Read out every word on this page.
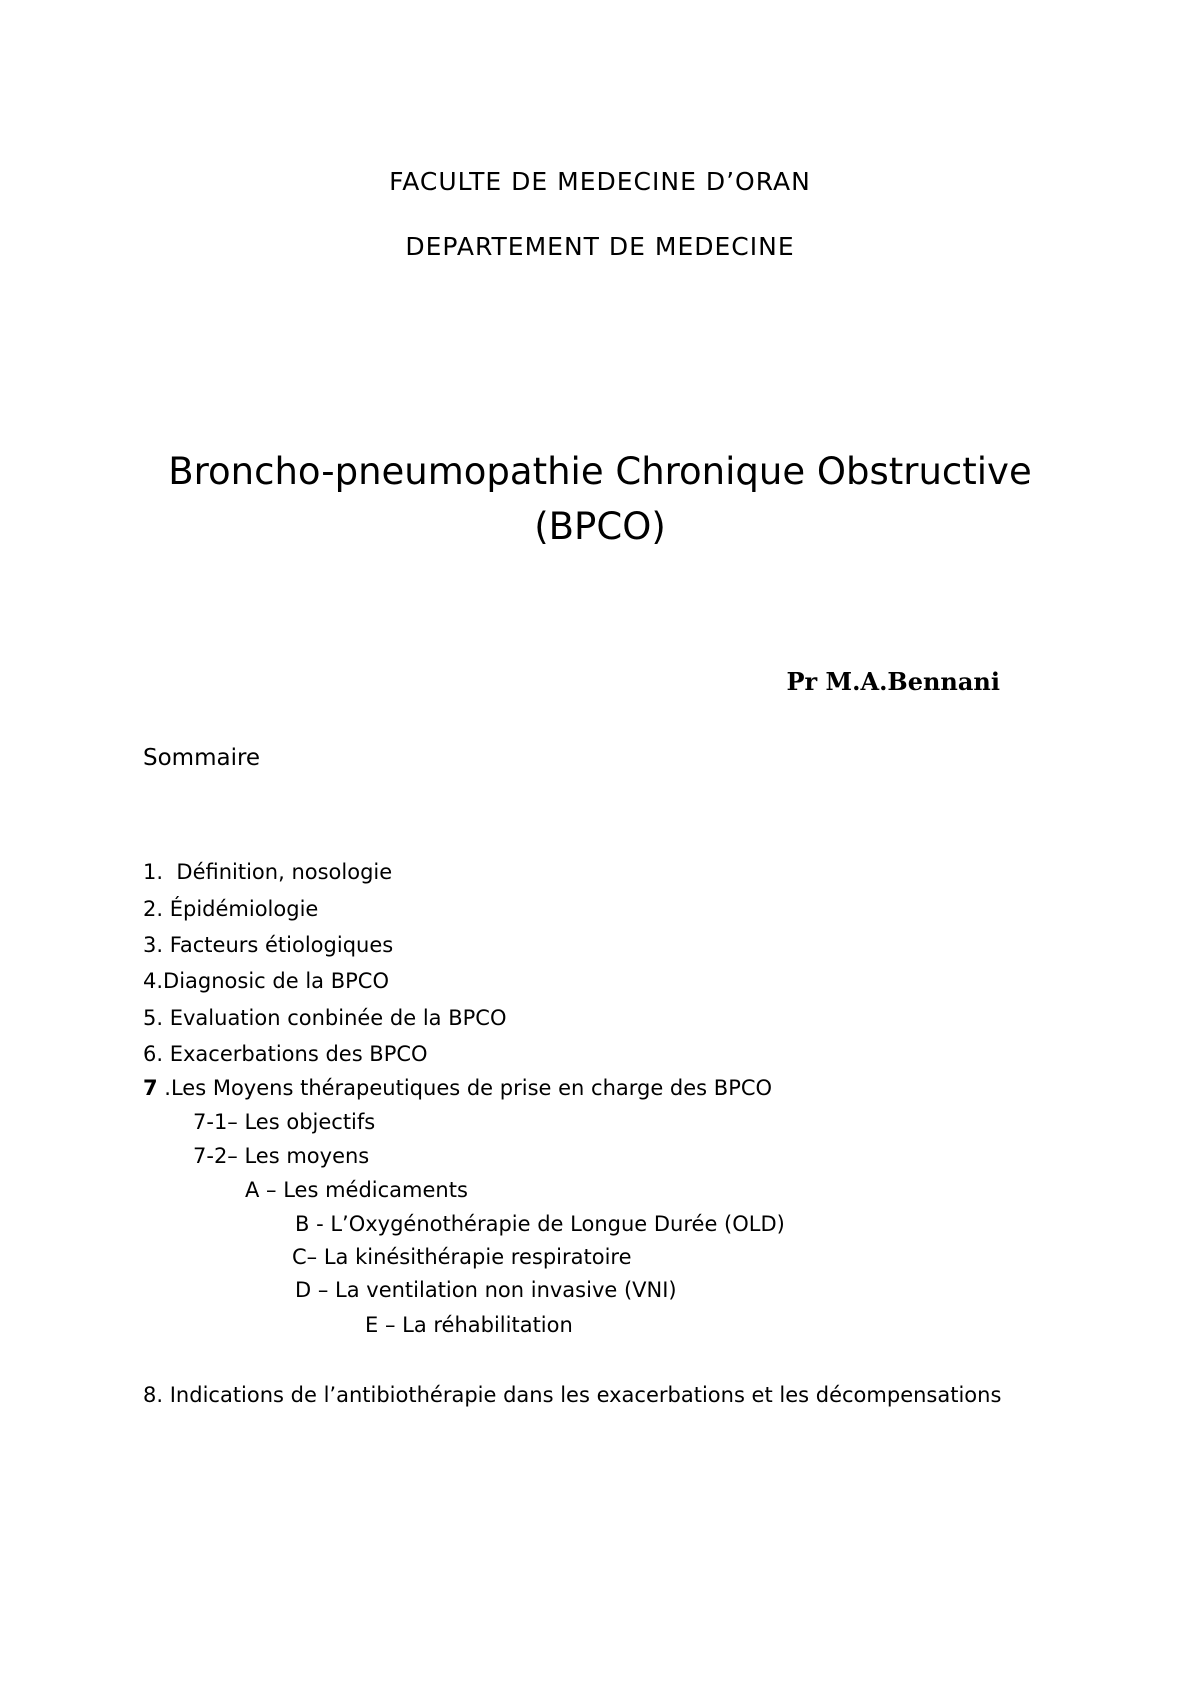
FACULTE DE MEDECINE D’ORAN
DEPARTEMENT DE MEDECINE
Broncho-pneumopathie Chronique Obstructive
(BPCO)
Pr M.A.Bennani
Sommaire
1. Définition, nosologie
2. Épidémiologie
3. Facteurs étiologiques
4.Diagnosic de la BPCO
5. Evaluation conbinée de la BPCO
6. Exacerbations des BPCO
7 .Les Moyens thérapeutiques de prise en charge des BPCO
7-1– Les objectifs
7-2– Les moyens
A – Les médicaments
B - L’Oxygénothérapie de Longue Durée (OLD)
C– La kinésithérapie respiratoire
D – La ventilation non invasive (VNI)
E – La réhabilitation
8. Indications de l’antibiothérapie dans les exacerbations et les décompensations
